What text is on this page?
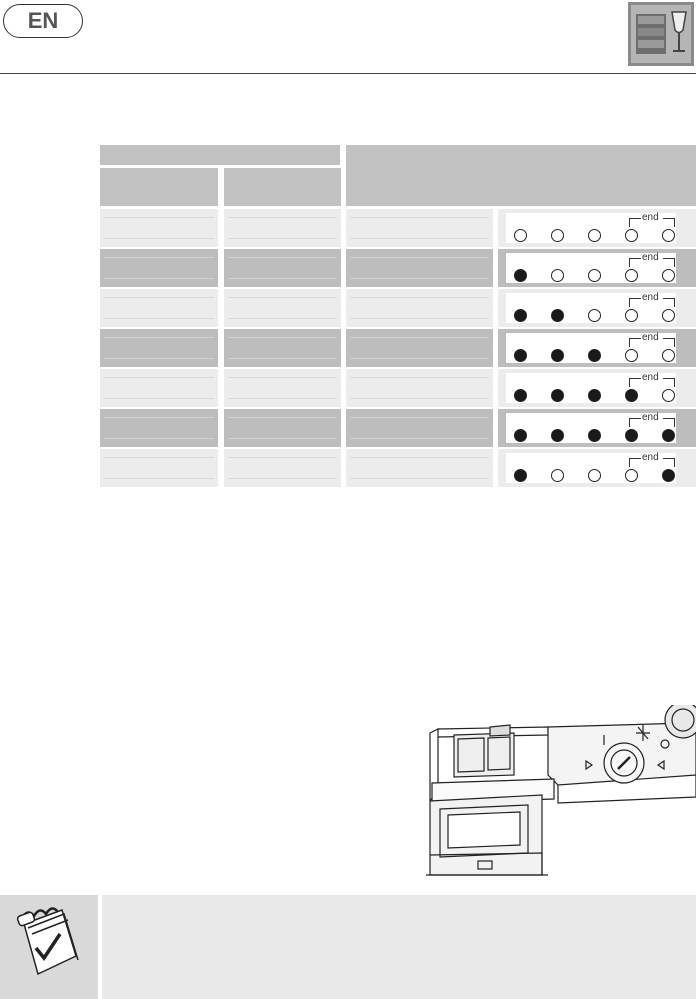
EN
end
end
end
end
end
end
end
